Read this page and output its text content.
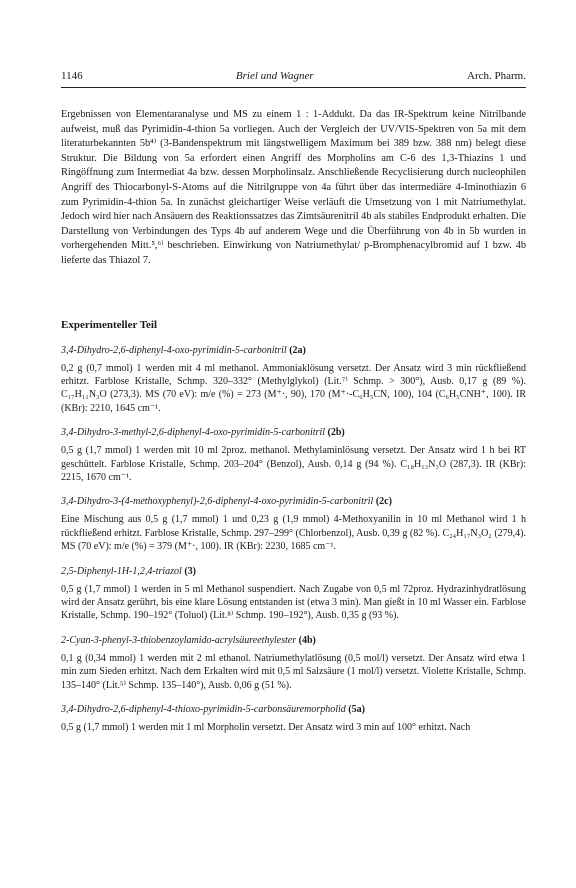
1146	Briel und Wagner	Arch. Pharm.

Ergebnissen von Elementaranalyse und MS zu einem 1 : 1-Addukt. Da das IR-Spektrum keine Nitrilbande aufweist, muß das Pyrimidin-4-thion 5a vorliegen. Auch der Vergleich der UV/VIS-Spektren von 5a mit dem literaturbekannten 5b⁴⁾ (3-Bandenspektrum mit längstwelligem Maximum bei 389 bzw. 388 nm) belegt diese Struktur. Die Bildung von 5a erfordert einen Angriff des Morpholins am C-6 des 1,3-Thiazins 1 und Ringöffnung zum Intermediat 4a bzw. dessen Morpholinsalz. Anschließende Recyclisierung durch nucleophilen Angriff des Thiocarbonyl-S-Atoms auf die Nitrilgruppe von 4a führt über das intermediäre 4-Iminothiazin 6 zum Pyrimidin-4-thion 5a. In zunächst gleichartiger Weise verläuft die Umsetzung von 1 mit Natriumethylat. Jedoch wird hier nach Ansäuern des Reaktionssatzes das Zimtsäurenitril 4b als stabiles Endprodukt erhalten. Die Darstellung von Verbindungen des Typs 4b auf anderem Wege und die Überführung von 4b in 5b wurden in vorhergehenden Mitt.⁵,⁶⁾ beschrieben. Einwirkung von Natriumethylat/ p-Bromphenacylbromid auf 1 bzw. 4b lieferte das Thiazol 7.

Experimenteller Teil
3,4-Dihydro-2,6-diphenyl-4-oxo-pyrimidin-5-carbonitril (2a)

0,2 g (0,7 mmol) 1 werden mit 4 ml methanol. Ammoniaklösung versetzt. Der Ansatz wird 3 min rückfließend erhitzt. Farblose Kristalle, Schmp. 320–332° (Methylglykol) (Lit.⁷⁾ Schmp. > 300°), Ausb. 0,17 g (89 %). C₁₇H₁₁N₃O (273,3). MS (70 eV): m/e (%) = 273 (M⁺·, 90), 170 (M⁺·-C₆H₅CN, 100), 104 (C₆H₅CNH⁺, 100). IR (KBr): 2210, 1645 cm⁻¹.

3,4-Dihydro-3-methyl-2,6-diphenyl-4-oxo-pyrimidin-5-carbonitril (2b)

0,5 g (1,7 mmol) 1 werden mit 10 ml 2proz. methanol. Methylaminlösung versetzt. Der Ansatz wird 1 h bei RT geschüttelt. Farblose Kristalle, Schmp. 203–204° (Benzol), Ausb. 0,14 g (94 %). C₁₈H₁₃N₃O (287,3). IR (KBr): 2215, 1670 cm⁻¹.

3,4-Dihydro-3-(4-methoxyphenyl)-2,6-diphenyl-4-oxo-pyrimidin-5-carbonitril (2c)

Eine Mischung aus 0,5 g (1,7 mmol) 1 und 0,23 g (1,9 mmol) 4-Methoxyanilin in 10 ml Methanol wird 1 h rückfließend erhitzt. Farblose Kristalle, Schmp. 297–299° (Chlorbenzol), Ausb. 0,39 g (82 %). C₂₄H₁₇N₃O₂ (279,4). MS (70 eV): m/e (%) = 379 (M⁺·, 100). IR (KBr): 2230, 1685 cm⁻¹.

2,5-Diphenyl-1H-1,2,4-triazol (3)

0,5 g (1,7 mmol) 1 werden in 5 ml Methanol suspendiert. Nach Zugabe von 0,5 ml 72proz. Hydrazinhydratlösung wird der Ansatz gerührt, bis eine klare Lösung entstanden ist (etwa 3 min). Man gießt in 10 ml Wasser ein. Farblose Kristalle, Schmp. 190–192° (Toluol) (Lit.⁸⁾ Schmp. 190–192°), Ausb. 0,35 g (93 %).

2-Cyan-3-phenyl-3-thiobenzoylamido-acrylsäureethylester (4b)

0,1 g (0,34 mmol) 1 werden mit 2 ml ethanol. Natriumethylatlösung (0,5 mol/l) versetzt. Der Ansatz wird etwa 1 min zum Sieden erhitzt. Nach dem Erkalten wird mit 0,5 ml Salzsäure (1 mol/l) versetzt. Violette Kristalle, Schmp. 135–140° (Lit.⁵⁾ Schmp. 135–140°), Ausb. 0,06 g (51 %).

3,4-Dihydro-2,6-diphenyl-4-thioxo-pyrimidin-5-carbonsäuremorpholid (5a)

0,5 g (1,7 mmol) 1 werden mit 1 ml Morpholin versetzt. Der Ansatz wird 3 min auf 100° erhitzt. Nach
